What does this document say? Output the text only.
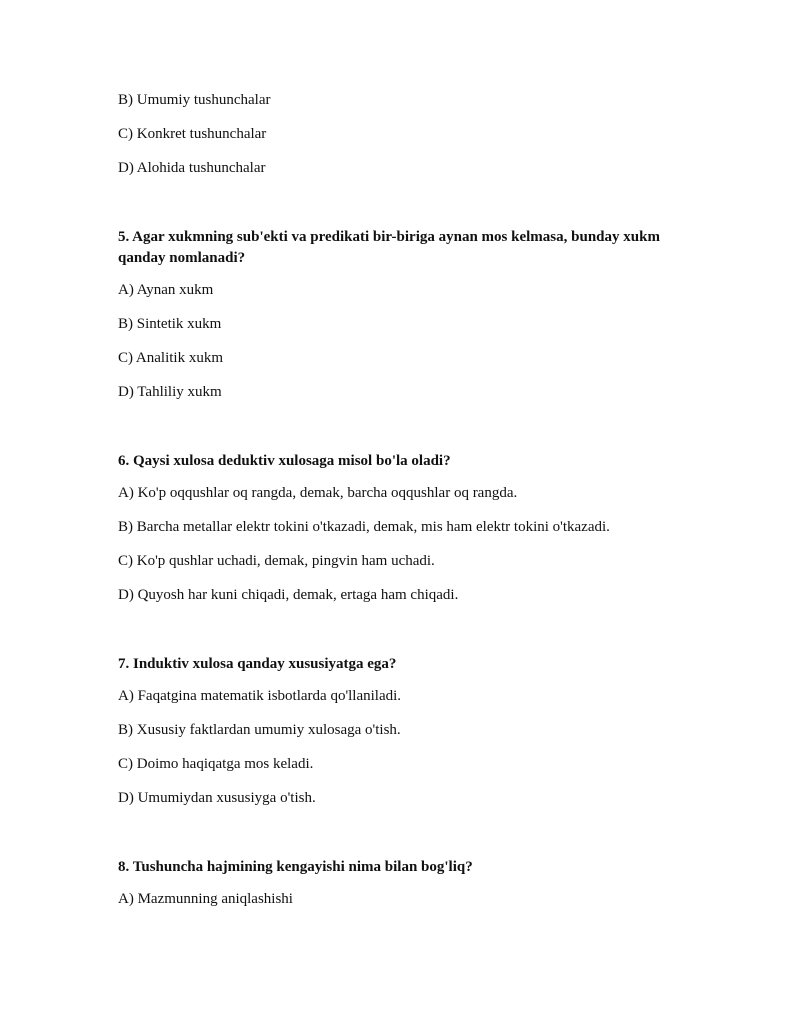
B) Umumiy tushunchalar
C) Konkret tushunchalar
D) Alohida tushunchalar
5. Agar xukmning sub'ekti va predikati bir-biriga aynan mos kelmasa, bunday xukm qanday nomlanadi?
A) Aynan xukm
B) Sintetik xukm
C) Analitik xukm
D) Tahliliy xukm
6. Qaysi xulosa deduktiv xulosaga misol bo'la oladi?
A) Ko'p oqqushlar oq rangda, demak, barcha oqqushlar oq rangda.
B) Barcha metallar elektr tokini o'tkazadi, demak, mis ham elektr tokini o'tkazadi.
C) Ko'p qushlar uchadi, demak, pingvin ham uchadi.
D) Quyosh har kuni chiqadi, demak, ertaga ham chiqadi.
7. Induktiv xulosa qanday xususiyatga ega?
A) Faqatgina matematik isbotlarda qo'llaniladi.
B) Xususiy faktlardan umumiy xulosaga o'tish.
C) Doimo haqiqatga mos keladi.
D) Umumiydan xususiyga o'tish.
8. Tushuncha hajmining kengayishi nima bilan bog'liq?
A) Mazmunning aniqlashishi
